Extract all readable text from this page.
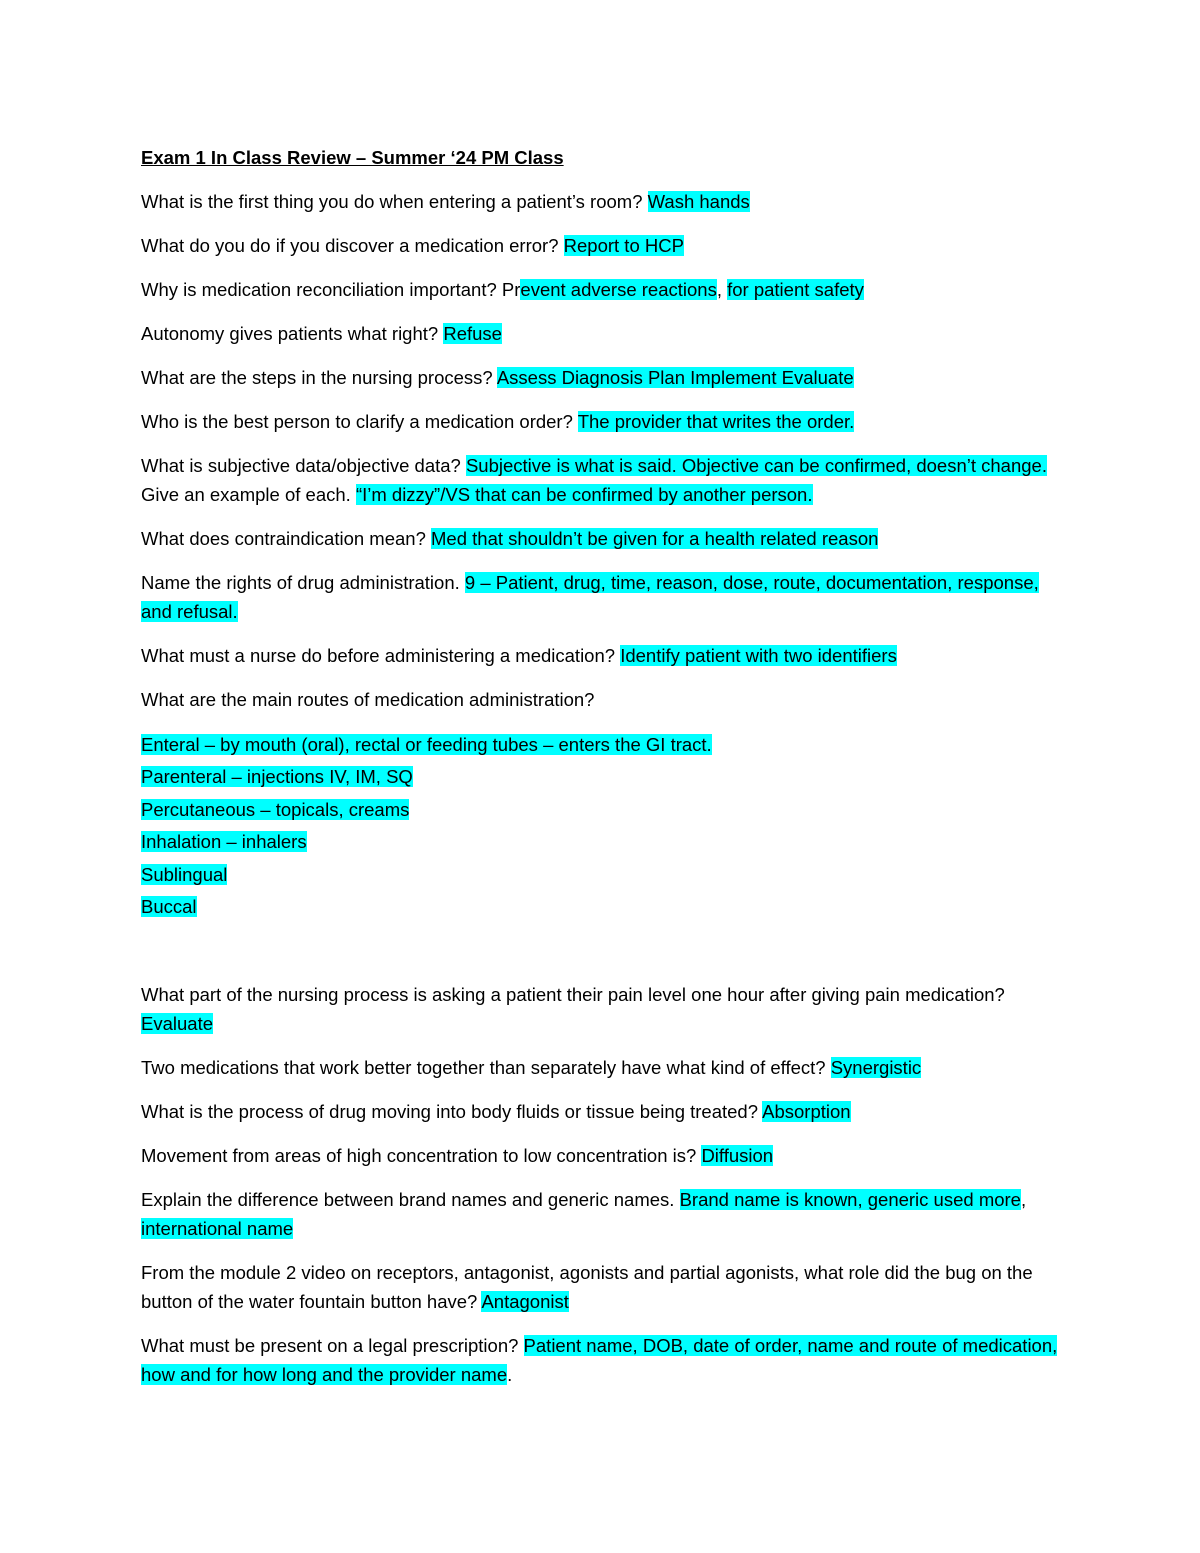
Exam 1 In Class Review – Summer ‘24 PM Class

What is the first thing you do when entering a patient’s room? Wash hands

What do you do if you discover a medication error? Report to HCP

Why is medication reconciliation important? Prevent adverse reactions, for patient safety

Autonomy gives patients what right? Refuse

What are the steps in the nursing process? Assess Diagnosis Plan Implement Evaluate

Who is the best person to clarify a medication order? The provider that writes the order.

What is subjective data/objective data? Subjective is what is said. Objective can be confirmed, doesn’t change. Give an example of each. “I’m dizzy”/VS that can be confirmed by another person.

What does contraindication mean? Med that shouldn’t be given for a health related reason

Name the rights of drug administration. 9 – Patient, drug, time, reason, dose, route, documentation, response, and refusal.

What must a nurse do before administering a medication? Identify patient with two identifiers

What are the main routes of medication administration?

Enteral – by mouth (oral), rectal or feeding tubes – enters the GI tract.
Parenteral – injections IV, IM, SQ
Percutaneous – topicals, creams
Inhalation – inhalers
Sublingual
Buccal

What part of the nursing process is asking a patient their pain level one hour after giving pain medication? Evaluate

Two medications that work better together than separately have what kind of effect? Synergistic

What is the process of drug moving into body fluids or tissue being treated? Absorption

Movement from areas of high concentration to low concentration is? Diffusion

Explain the difference between brand names and generic names. Brand name is known, generic used more, international name

From the module 2 video on receptors, antagonist, agonists and partial agonists, what role did the bug on the button of the water fountain button have? Antagonist

What must be present on a legal prescription? Patient name, DOB, date of order, name and route of medication, how and for how long and the provider name.
